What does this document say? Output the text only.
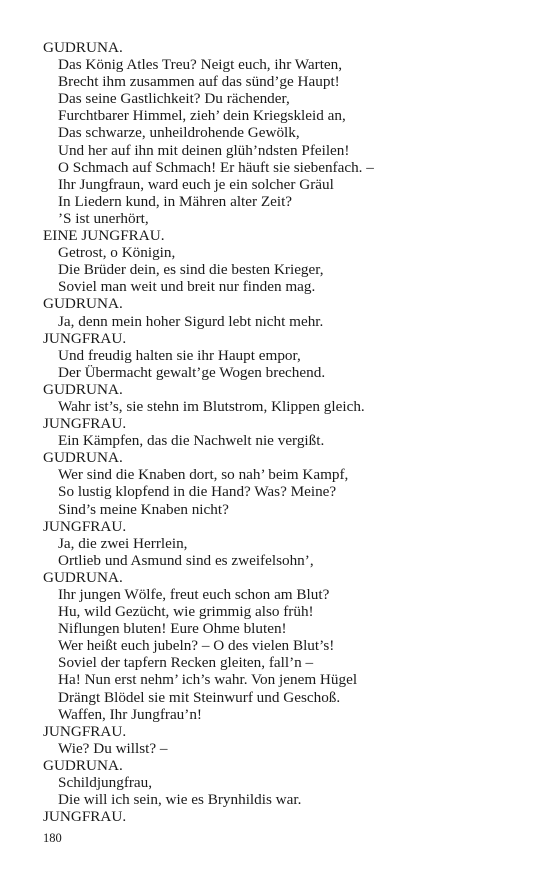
GUDRUNA.
Das König Atles Treu? Neigt euch, ihr Warten,
Brecht ihm zusammen auf das sünd’ge Haupt!
Das seine Gastlichkeit? Du rächender,
Furchtbarer Himmel, zieh’ dein Kriegskleid an,
Das schwarze, unheildrohende Gewölk,
Und her auf ihn mit deinen glüh’ndsten Pfeilen!
O Schmach auf Schmach! Er häuft sie siebenfach. –
Ihr Jungfraun, ward euch je ein solcher Gräul
In Liedern kund, in Mähren alter Zeit?
’S ist unerhört,
EINE JUNGFRAU.
Getrost, o Königin,
Die Brüder dein, es sind die besten Krieger,
Soviel man weit und breit nur finden mag.
GUDRUNA.
Ja, denn mein hoher Sigurd lebt nicht mehr.
JUNGFRAU.
Und freudig halten sie ihr Haupt empor,
Der Übermacht gewalt’ge Wogen brechend.
GUDRUNA.
Wahr ist’s, sie stehn im Blutstrom, Klippen gleich.
JUNGFRAU.
Ein Kämpfen, das die Nachwelt nie vergißt.
GUDRUNA.
Wer sind die Knaben dort, so nah’ beim Kampf,
So lustig klopfend in die Hand? Was? Meine?
Sind’s meine Knaben nicht?
JUNGFRAU.
Ja, die zwei Herrlein,
Ortlieb und Asmund sind es zweifelsohn’,
GUDRUNA.
Ihr jungen Wölfe, freut euch schon am Blut?
Hu, wild Gezücht, wie grimmig also früh!
Niflungen bluten! Eure Ohme bluten!
Wer heißt euch jubeln? – O des vielen Blut’s!
Soviel der tapfern Recken gleiten, fall’n –
Ha! Nun erst nehm’ ich’s wahr. Von jenem Hügel
Drängt Blödel sie mit Steinwurf und Geschoß.
Waffen, Ihr Jungfrau’n!
JUNGFRAU.
Wie? Du willst? –
GUDRUNA.
Schildjungfrau,
Die will ich sein, wie es Brynhildis war.
JUNGFRAU.
180
